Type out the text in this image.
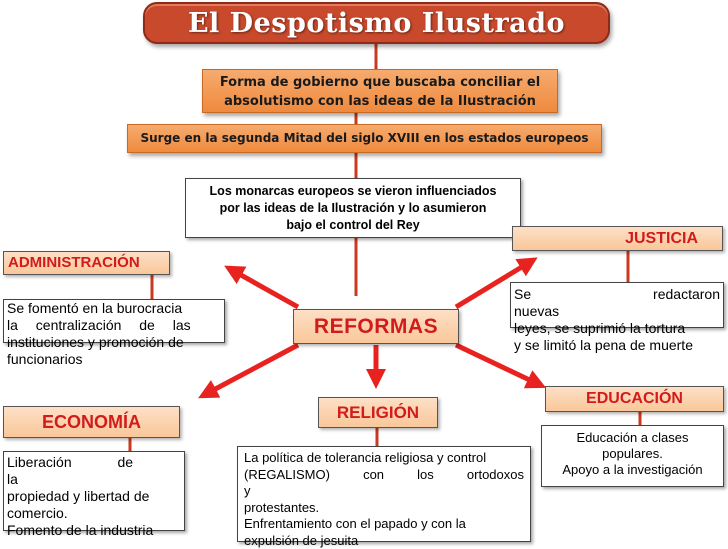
El Despotismo Ilustrado
Forma de gobierno que buscaba conciliar el
absolutismo con las ideas de la Ilustración
Surge en la segunda Mitad del siglo XVIII en los estados europeos
Los monarcas europeos se vieron influenciados
por las ideas de la Ilustración y lo asumieron
bajo el control del Rey
REFORMAS
ADMINISTRACIÓN
Se fomentó en la burocracia
la centralización de las
instituciones y promoción de
funcionarios
ECONOMÍA
Liberación de la
propiedad y libertad de
comercio.
Fomento de la industria
JUSTICIA
Se redactaron nuevas
leyes, se suprimió la tortura
y se limitó la pena de muerte
EDUCACIÓN
Educación a clases
populares.
Apoyo a la investigación
RELIGIÓN
La política de tolerancia religiosa y control
(REGALISMO) con los ortodoxos y
protestantes.
Enfrentamiento con el papado y con la
expulsión de jesuita
